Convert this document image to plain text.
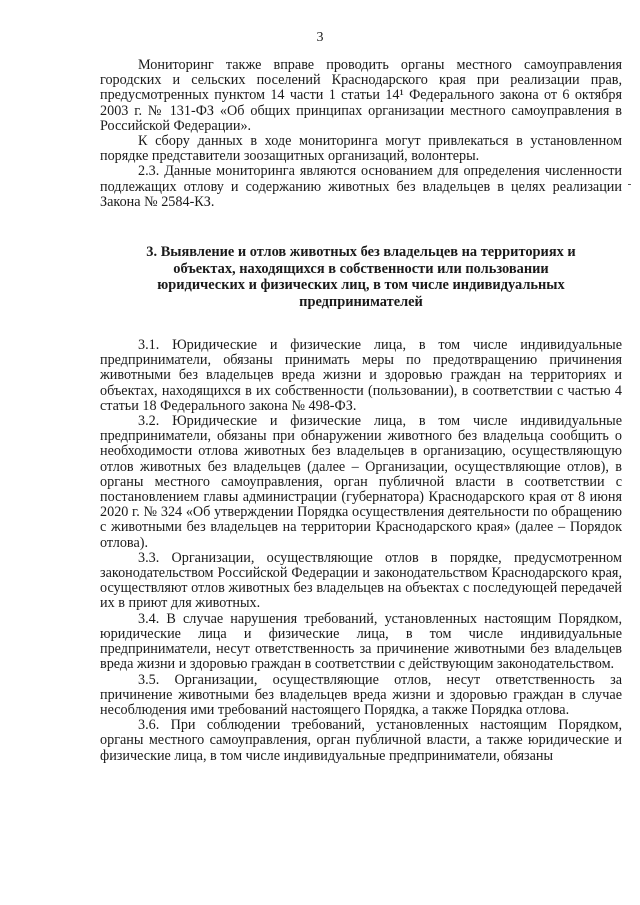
3

Мониторинг также вправе проводить органы местного самоуправления городских и сельских поселений Краснодарского края при реализации прав, предусмотренных пунктом 14 части 1 статьи 14¹ Федерального закона от 6 октября 2003 г. № 131-ФЗ «Об общих принципах организации местного самоуправления в Российской Федерации».

К сбору данных в ходе мониторинга могут привлекаться в установленном порядке представители зоозащитных организаций, волонтеры.

2.3. Данные мониторинга являются основанием для определения численности подлежащих отлову и содержанию животных без владельцев в целях реализации Закона № 2584-КЗ.

3. Выявление и отлов животных без владельцев на территориях и объектах, находящихся в собственности или пользовании юридических и физических лиц, в том числе индивидуальных предпринимателей

3.1. Юридические и физические лица, в том числе индивидуальные предприниматели, обязаны принимать меры по предотвращению причинения животными без владельцев вреда жизни и здоровью граждан на территориях и объектах, находящихся в их собственности (пользовании), в соответствии с частью 4 статьи 18 Федерального закона № 498-ФЗ.

3.2. Юридические и физические лица, в том числе индивидуальные предприниматели, обязаны при обнаружении животного без владельца сообщить о необходимости отлова животных без владельцев в организацию, осуществляющую отлов животных без владельцев (далее – Организации, осуществляющие отлов), в органы местного самоуправления, орган публичной власти в соответствии с постановлением главы администрации (губернатора) Краснодарского края от 8 июня 2020 г. № 324 «Об утверждении Порядка осуществления деятельности по обращению с животными без владельцев на территории Краснодарского края» (далее – Порядок отлова).

3.3. Организации, осуществляющие отлов в порядке, предусмотренном законодательством Российской Федерации и законодательством Краснодарского края, осуществляют отлов животных без владельцев на объектах с последующей передачей их в приют для животных.

3.4. В случае нарушения требований, установленных настоящим Порядком, юридические лица и физические лица, в том числе индивидуальные предприниматели, несут ответственность за причинение животными без владельцев вреда жизни и здоровью граждан в соответствии с действующим законодательством.

3.5. Организации, осуществляющие отлов, несут ответственность за причинение животными без владельцев вреда жизни и здоровью граждан в случае несоблюдения ими требований настоящего Порядка, а также Порядка отлова.

3.6. При соблюдении требований, установленных настоящим Порядком, органы местного самоуправления, орган публичной власти, а также юридические и физические лица, в том числе индивидуальные предприниматели, обязаны
